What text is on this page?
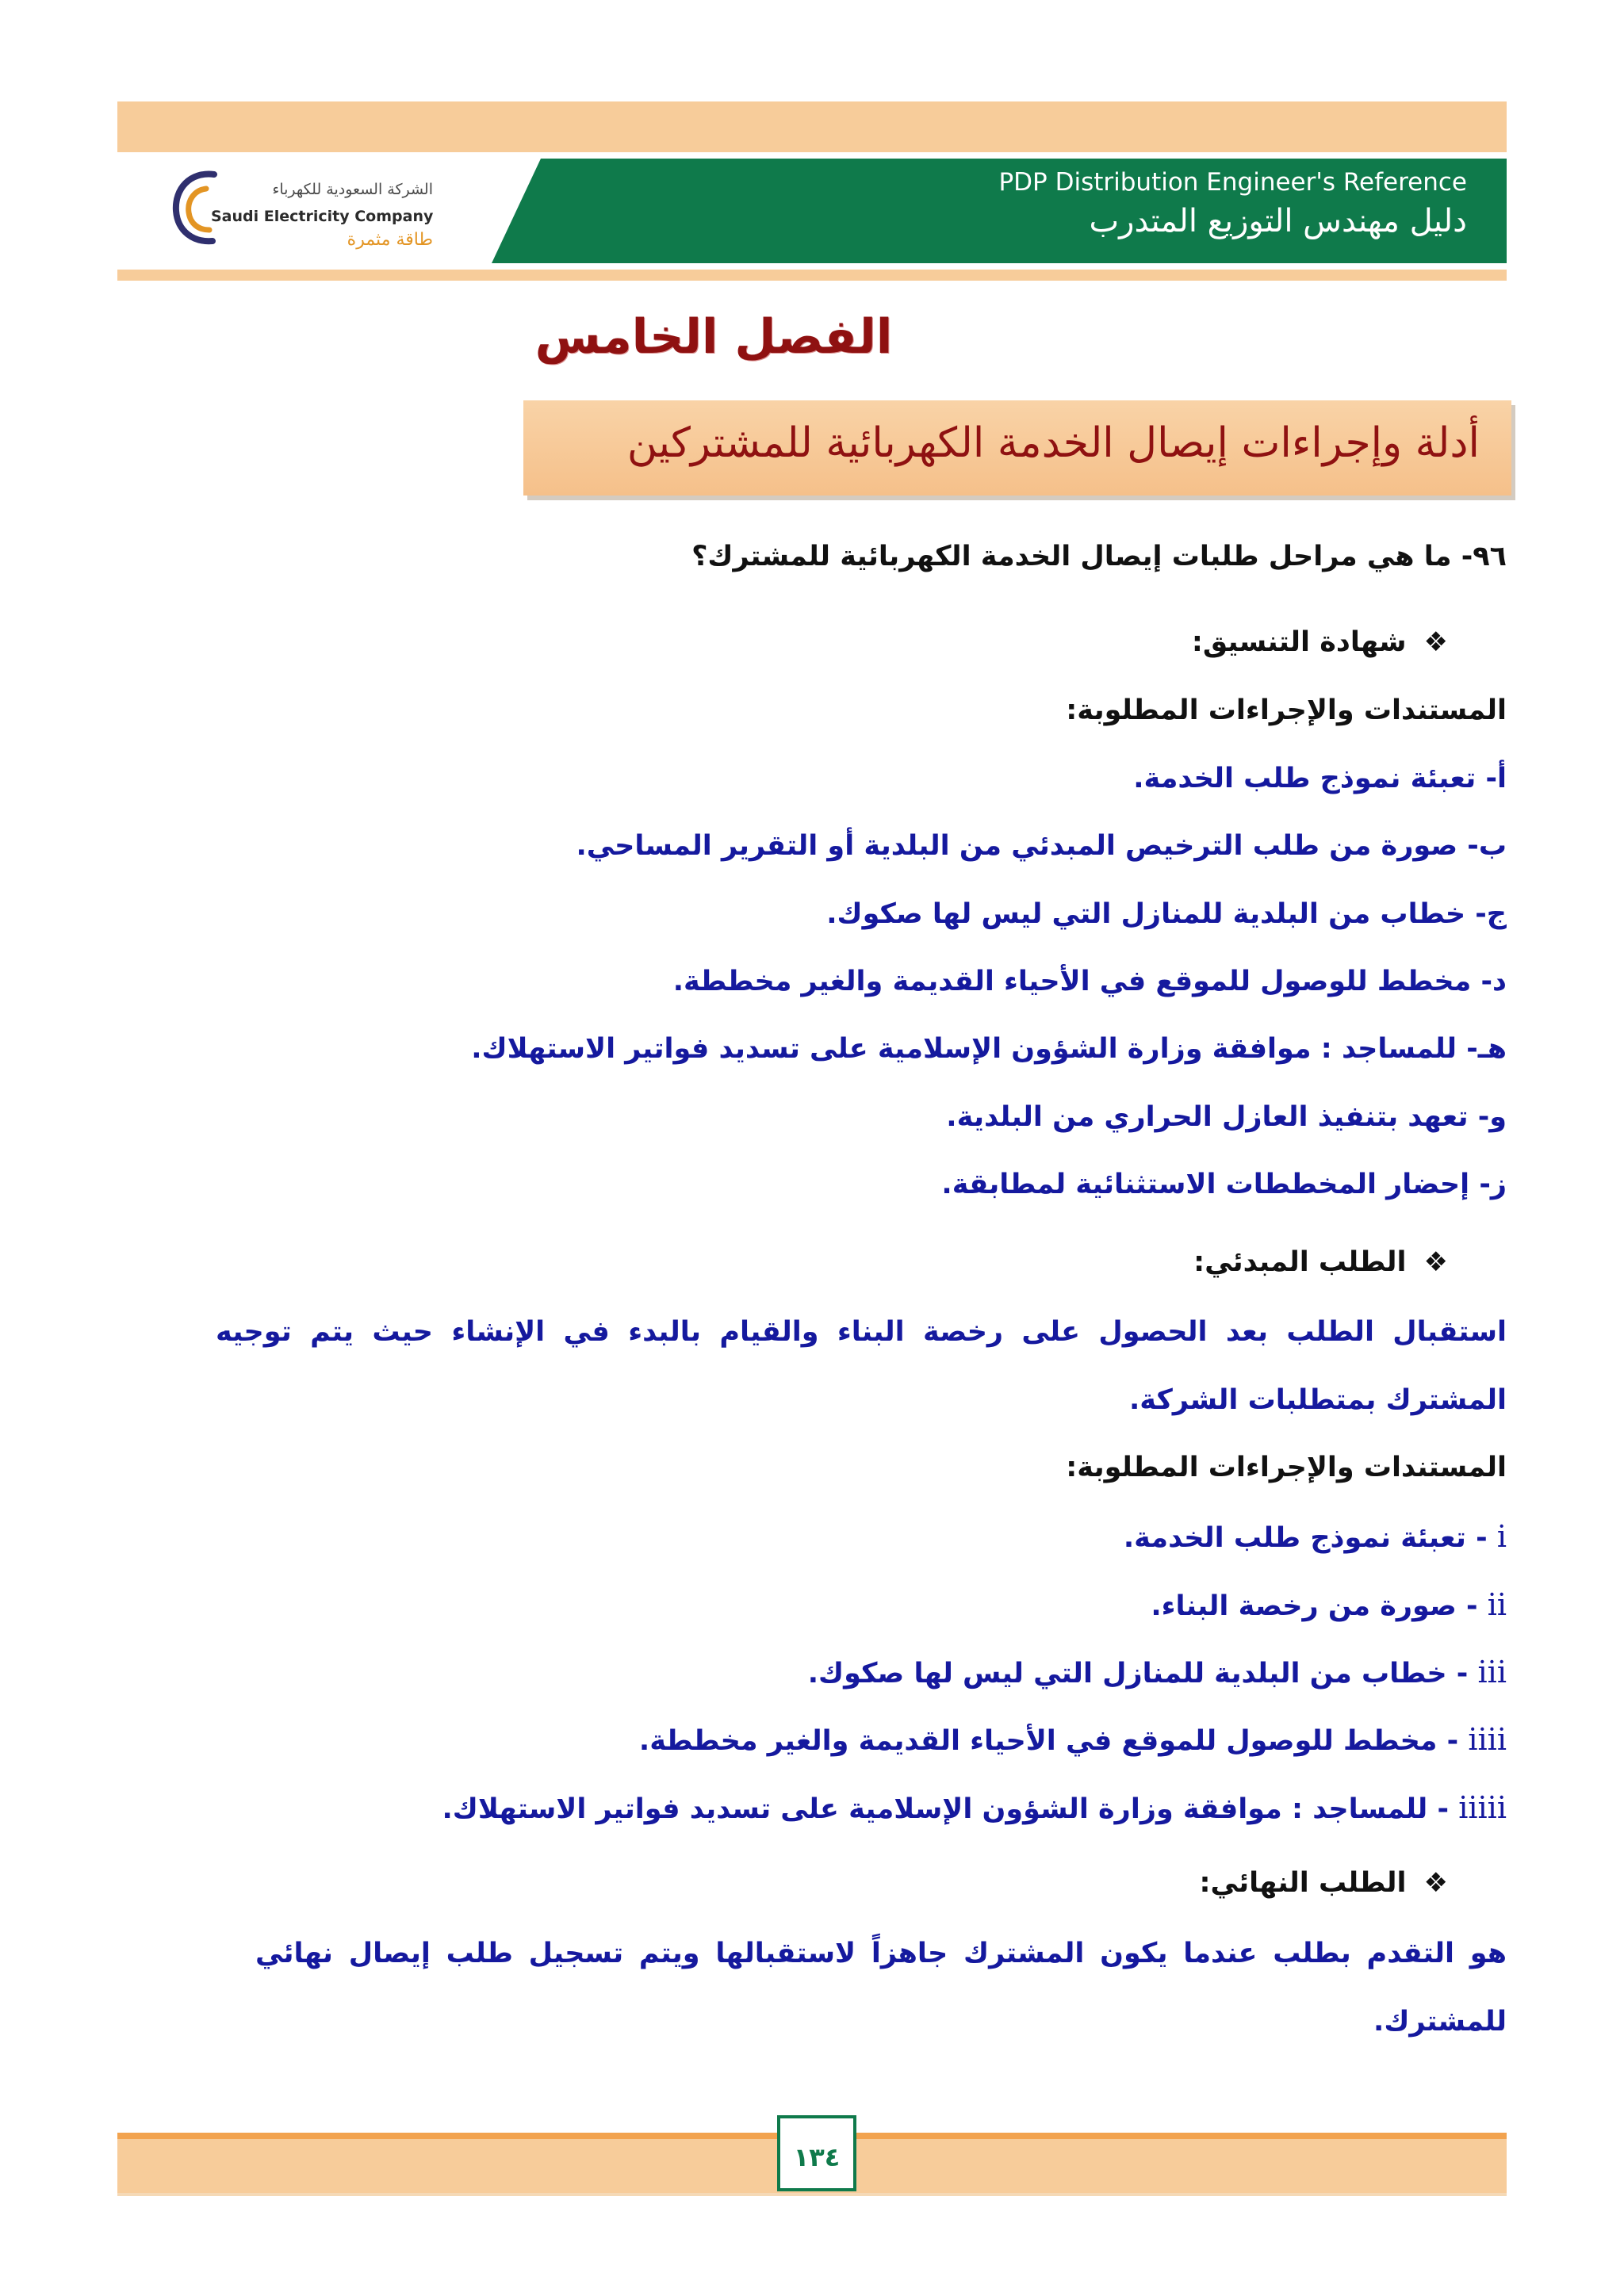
PDP Distribution Engineer's Reference
دليل مهندس التوزيع المتدرب
الشركة السعودية للكهرباء
Saudi Electricity Company
طاقة مثمرة
الفصل الخامس
أدلة وإجراءات إيصال الخدمة الكهربائية للمشتركين
٩٦- ما هي مراحل طلبات إيصال الخدمة الكهربائية للمشترك؟
❖شهادة التنسيق:
المستندات والإجراءات المطلوبة:
أ- تعبئة نموذج طلب الخدمة.
ب- صورة من طلب الترخيص المبدئي من البلدية أو التقرير المساحي.
ج- خطاب من البلدية للمنازل التي ليس لها صكوك.
د- مخطط للوصول للموقع في الأحياء القديمة والغير مخططة.
هـ- للمساجد : موافقة وزارة الشؤون الإسلامية على تسديد فواتير الاستهلاك.
و- تعهد بتنفيذ العازل الحراري من البلدية.
ز- إحضار المخططات الاستثنائية لمطابقة.
❖الطلب المبدئي:
استقبال الطلب بعد الحصول على رخصة البناء والقيام بالبدء في الإنشاء حيث يتم توجيه
المشترك بمتطلبات الشركة.
المستندات والإجراءات المطلوبة:
i - تعبئة نموذج طلب الخدمة.
ii - صورة من رخصة البناء.
iii - خطاب من البلدية للمنازل التي ليس لها صكوك.
iiii - مخطط للوصول للموقع في الأحياء القديمة والغير مخططة.
iiiii - للمساجد : موافقة وزارة الشؤون الإسلامية على تسديد فواتير الاستهلاك.
❖الطلب النهائي:
هو التقدم بطلب عندما يكون المشترك جاهزاً لاستقبالها ويتم تسجيل طلب إيصال نهائي
للمشترك.
١٣٤
